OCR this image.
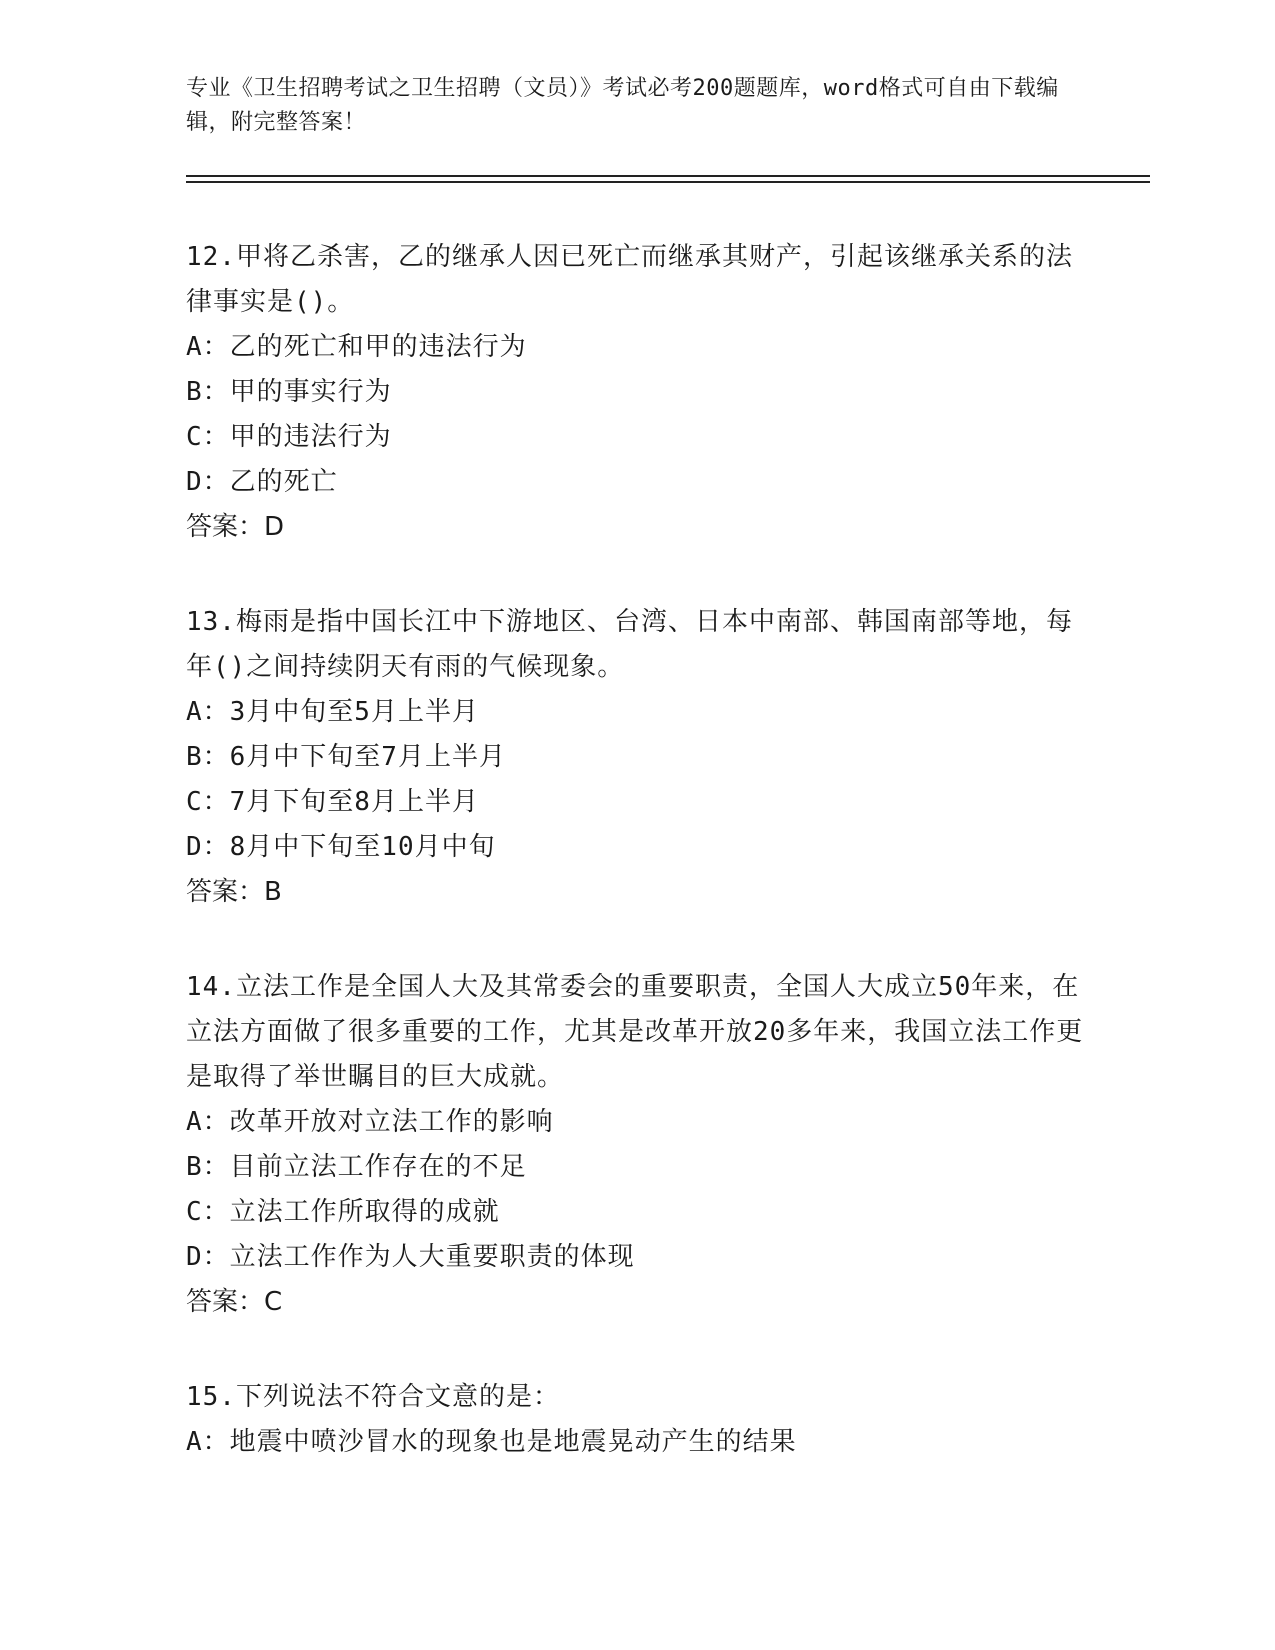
专业《卫生招聘考试之卫生招聘（文员）》考试必考200题题库，word格式可自由下载编辑，附完整答案！

12.甲将乙杀害，乙的继承人因已死亡而继承其财产，引起该继承关系的法律事实是()。

A：乙的死亡和甲的违法行为

B：甲的事实行为

C：甲的违法行为

D：乙的死亡

答案：D

13.梅雨是指中国长江中下游地区、台湾、日本中南部、韩国南部等地，每年()之间持续阴天有雨的气候现象。

A：3月中旬至5月上半月

B：6月中下旬至7月上半月

C：7月下旬至8月上半月

D：8月中下旬至10月中旬

答案：B

14.立法工作是全国人大及其常委会的重要职责，全国人大成立50年来，在立法方面做了很多重要的工作，尤其是改革开放20多年来，我国立法工作更是取得了举世瞩目的巨大成就。

A：改革开放对立法工作的影响

B：目前立法工作存在的不足

C：立法工作所取得的成就

D：立法工作作为人大重要职责的体现

答案：C

15.下列说法不符合文意的是：

A：地震中喷沙冒水的现象也是地震晃动产生的结果
